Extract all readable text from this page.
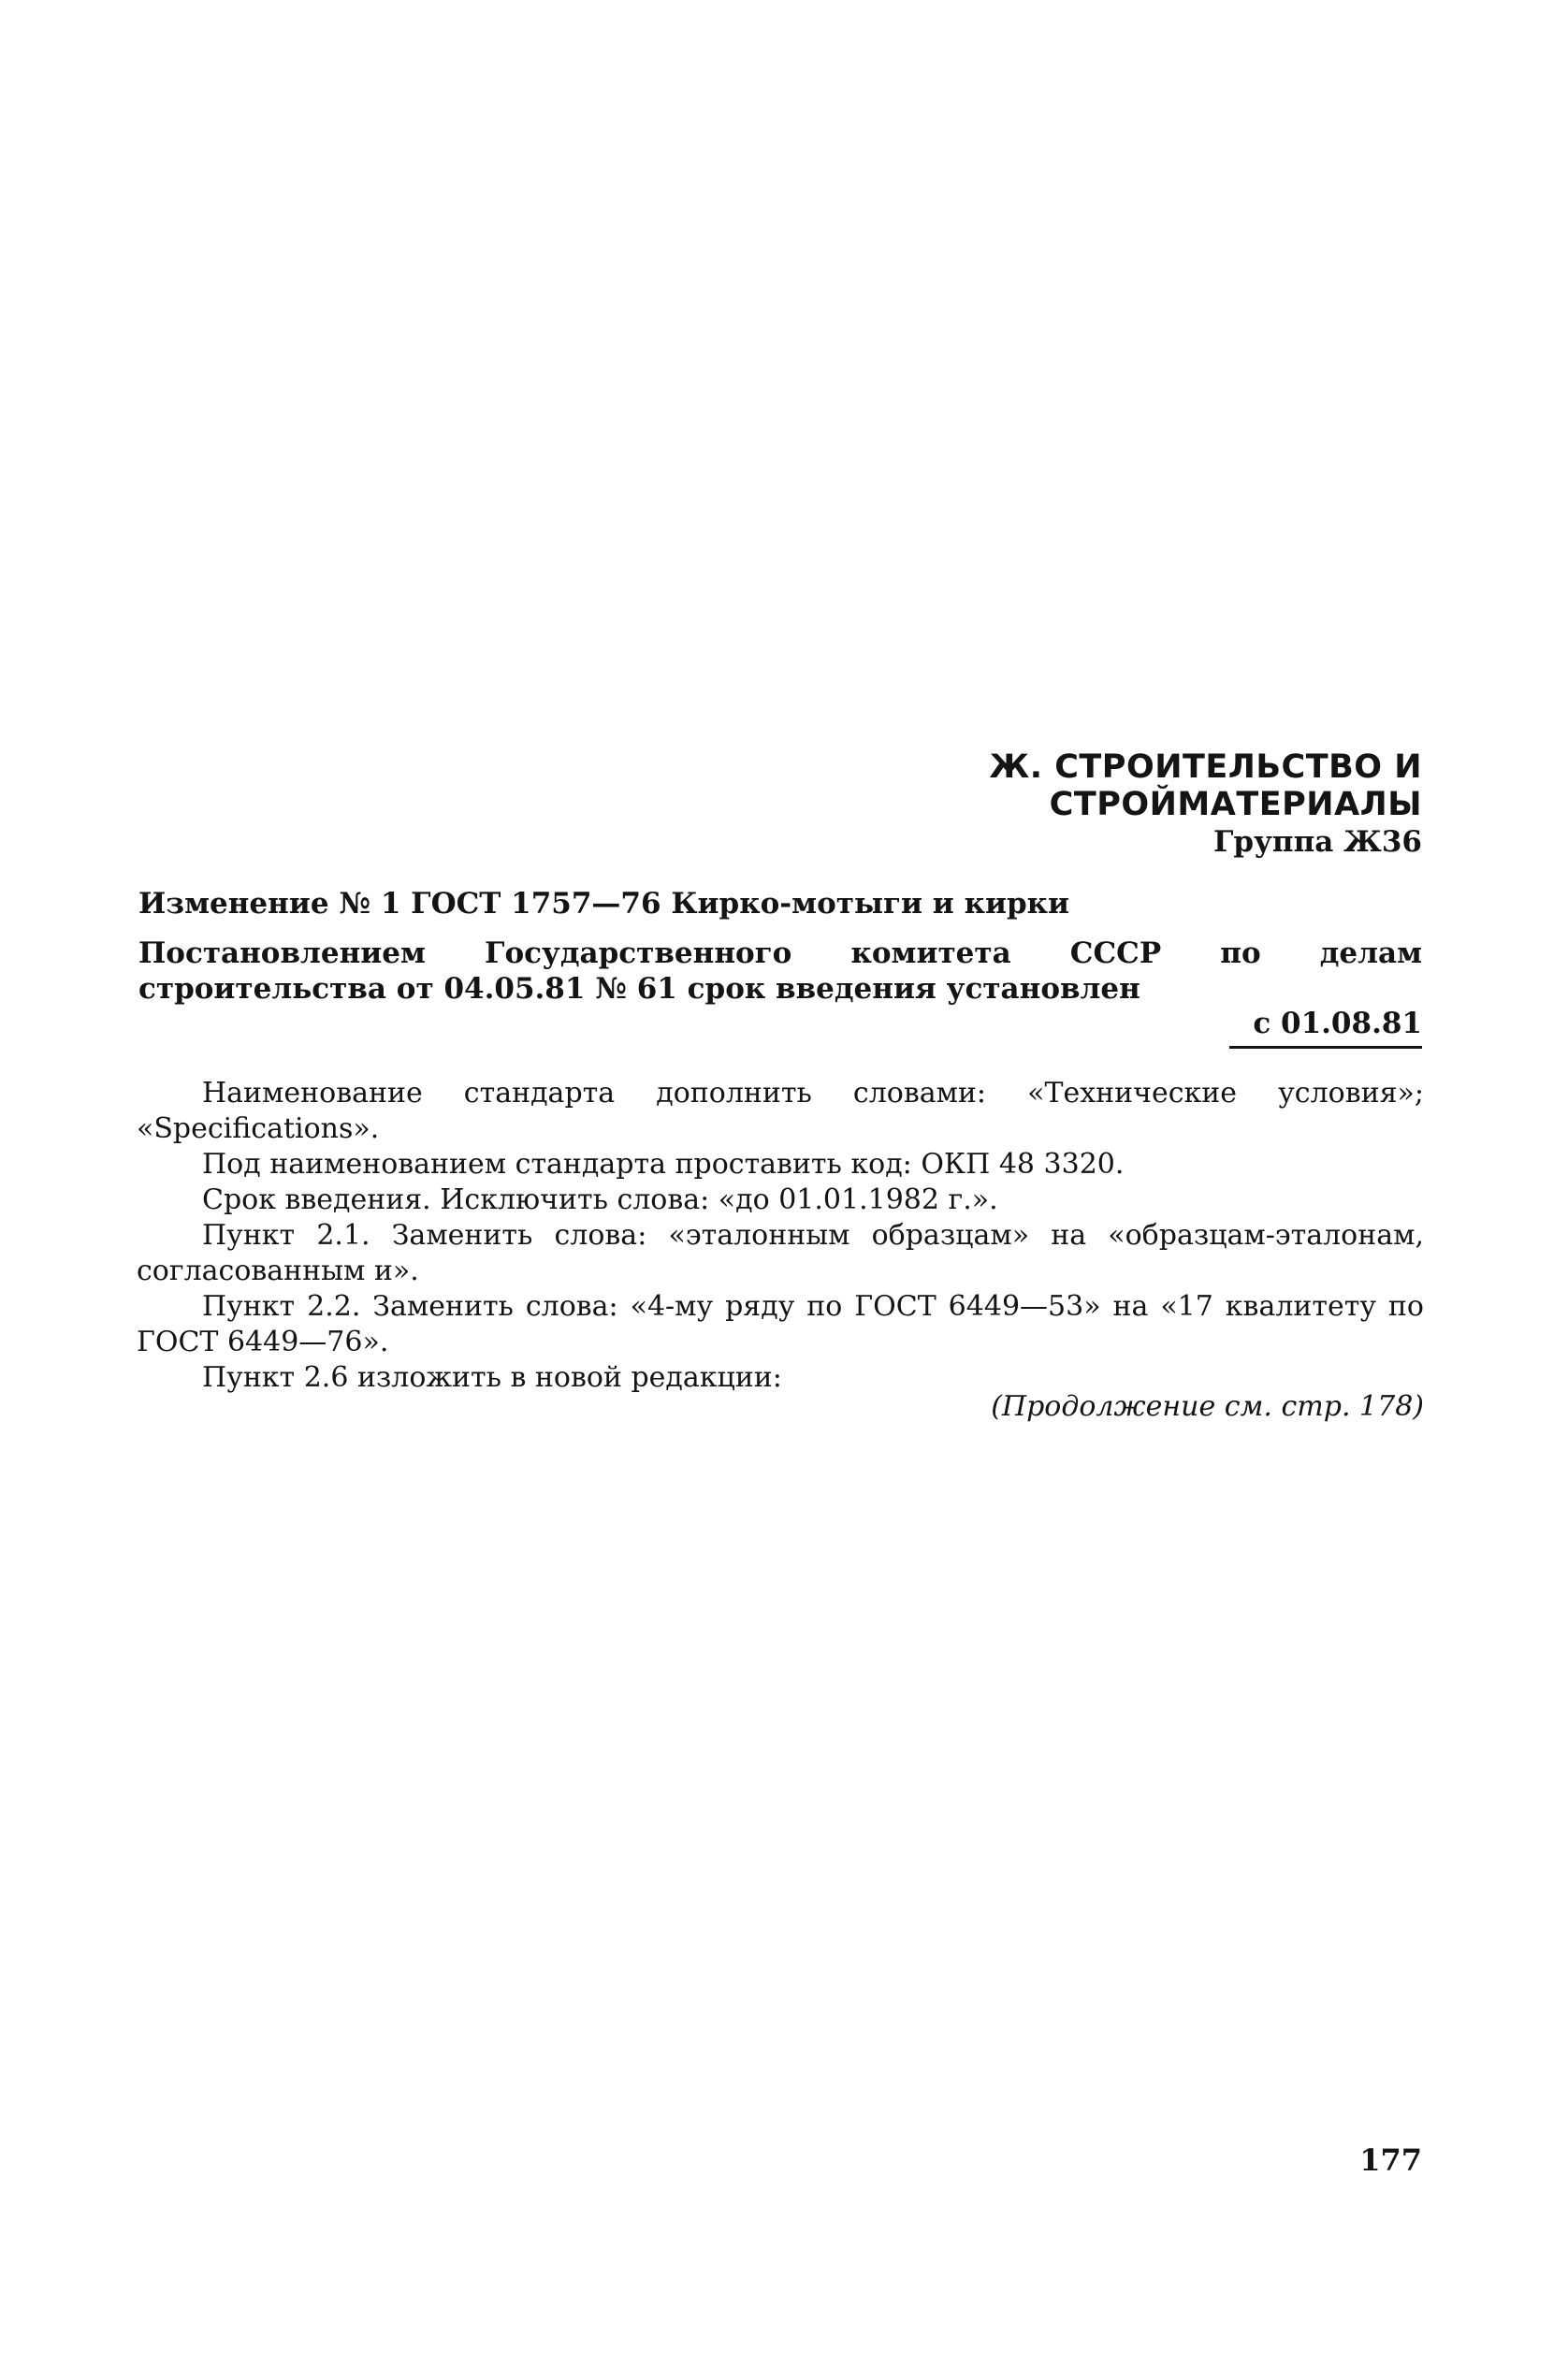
Ж. СТРОИТЕЛЬСТВО И СТРОЙМАТЕРИАЛЫ
Группа Ж36
Изменение № 1 ГОСТ 1757—76 Кирко-мотыги и кирки
Постановлением Государственного комитета СССР по делам строительства от 04.05.81 № 61 срок введения установлен
с 01.08.81

Наименование стандарта дополнить словами: «Технические условия»; «Specifications».

Под наименованием стандарта проставить код: ОКП 48 3320.

Срок введения. Исключить слова: «до 01.01.1982 г.».

Пункт 2.1. Заменить слова: «эталонным образцам» на «образцам-эталонам, согласованным и».

Пункт 2.2. Заменить слова: «4-му ряду по ГОСТ 6449—53» на «17 квалитету по ГОСТ 6449—76».

Пункт 2.6 изложить в новой редакции:

(Продолжение см. стр. 178)
177
